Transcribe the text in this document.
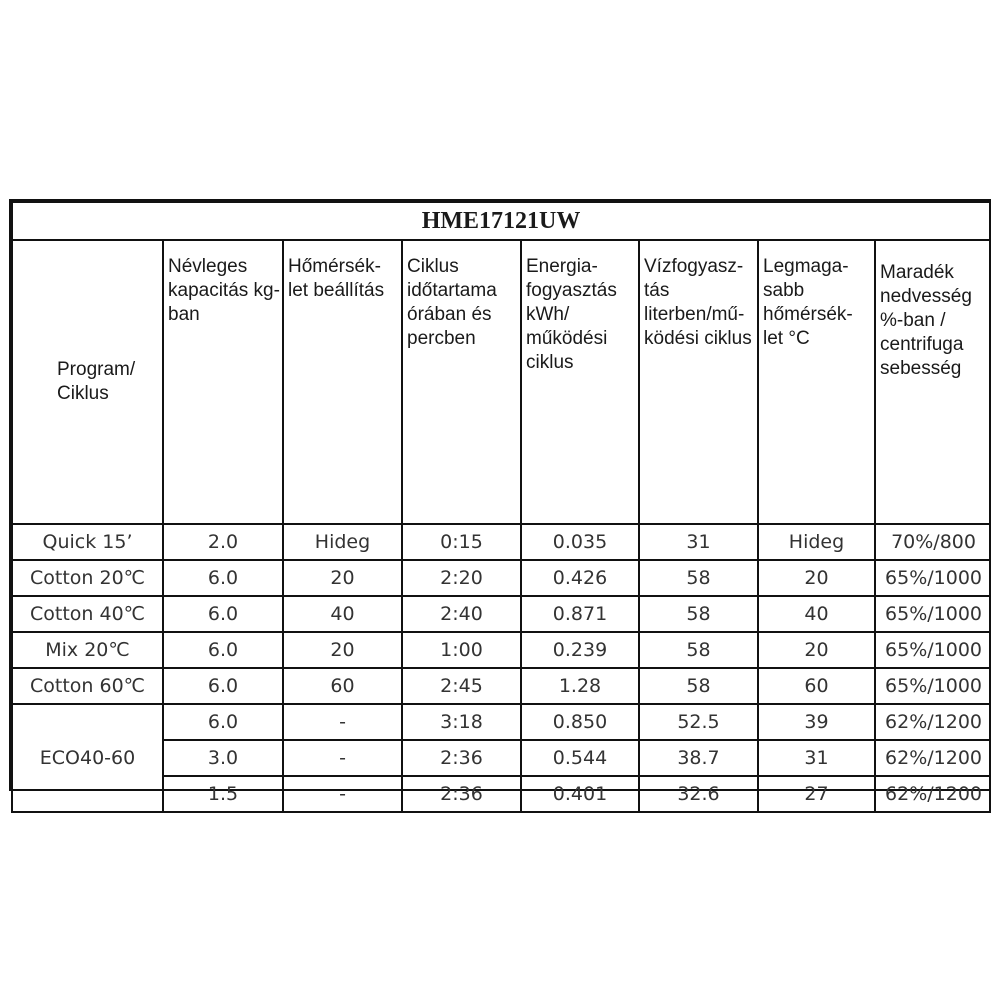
HME17121UW							
Program/
Ciklus	Névleges kapacitás kg-ban	Hőmérsék-let beállítás	Ciklus időtartama órában és percben	Energia-fogyasztás kWh/ működési ciklus	Vízfogyasz-tás literben/mű-ködési ciklus	Legmaga-sabb hőmérsék-let °C	Maradék nedvesség %-ban / centrifuga sebesség
Quick 15’	2.0	Hideg	0:15	0.035	31	Hideg	70%/800
Cotton 20℃	6.0	20	2:20	0.426	58	20	65%/1000
Cotton 40℃	6.0	40	2:40	0.871	58	40	65%/1000
Mix 20℃	6.0	20	1:00	0.239	58	20	65%/1000
Cotton 60℃	6.0	60	2:45	1.28	58	60	65%/1000
ECO40-60	6.0	-	3:18	0.850	52.5	39	62%/1200
	3.0	-	2:36	0.544	38.7	31	62%/1200
	1.5	-	2:36	0.401	32.6	27	62%/1200
